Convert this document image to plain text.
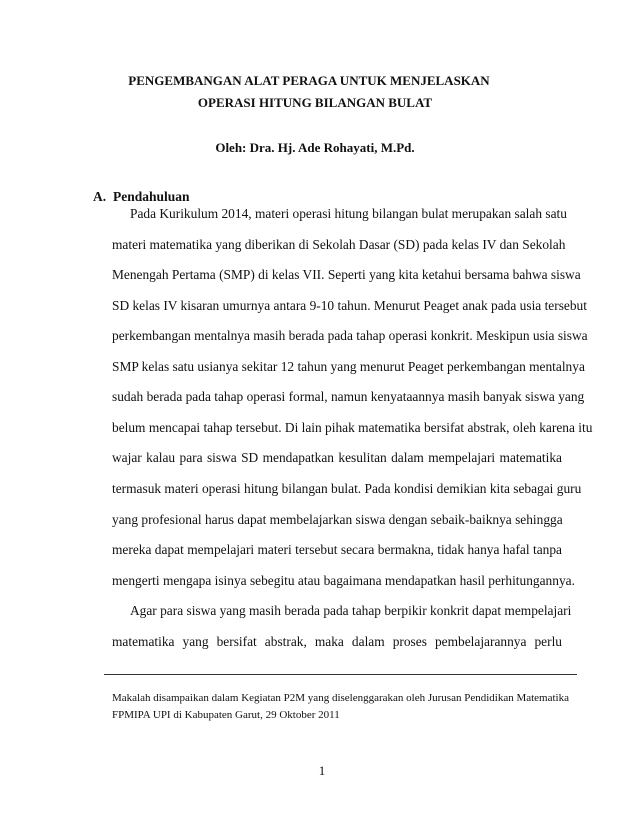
PENGEMBANGAN ALAT PERAGA UNTUK MENJELASKAN
OPERASI HITUNG BILANGAN BULAT
Oleh: Dra. Hj. Ade Rohayati, M.Pd.
A. Pendahuluan
Pada Kurikulum 2014, materi operasi hitung bilangan bulat merupakan salah satu
materi matematika yang diberikan di Sekolah Dasar (SD) pada kelas IV dan Sekolah
Menengah Pertama (SMP) di kelas VII. Seperti yang kita ketahui bersama bahwa siswa
SD kelas IV kisaran umurnya antara 9-10 tahun. Menurut Peaget anak pada usia tersebut
perkembangan mentalnya masih berada pada tahap operasi konkrit. Meskipun usia siswa
SMP kelas satu usianya sekitar 12 tahun yang menurut Peaget perkembangan mentalnya
sudah berada pada tahap operasi formal, namun kenyataannya masih banyak siswa yang
belum mencapai tahap tersebut. Di lain pihak matematika bersifat abstrak, oleh karena itu
wajar kalau para siswa SD mendapatkan kesulitan dalam mempelajari matematika
termasuk materi operasi hitung bilangan bulat. Pada kondisi demikian kita sebagai guru
yang profesional harus dapat membelajarkan siswa dengan sebaik-baiknya sehingga
mereka dapat mempelajari materi tersebut secara bermakna, tidak hanya hafal tanpa
mengerti mengapa isinya sebegitu atau bagaimana mendapatkan hasil perhitungannya.
Agar para siswa yang masih berada pada tahap berpikir konkrit dapat mempelajari
matematika yang bersifat abstrak, maka dalam proses pembelajarannya perlu
Makalah disampaikan dalam Kegiatan P2M yang diselenggarakan oleh Jurusan Pendidikan Matematika
FPMIPA UPI di Kabupaten Garut, 29 Oktober 2011
1
